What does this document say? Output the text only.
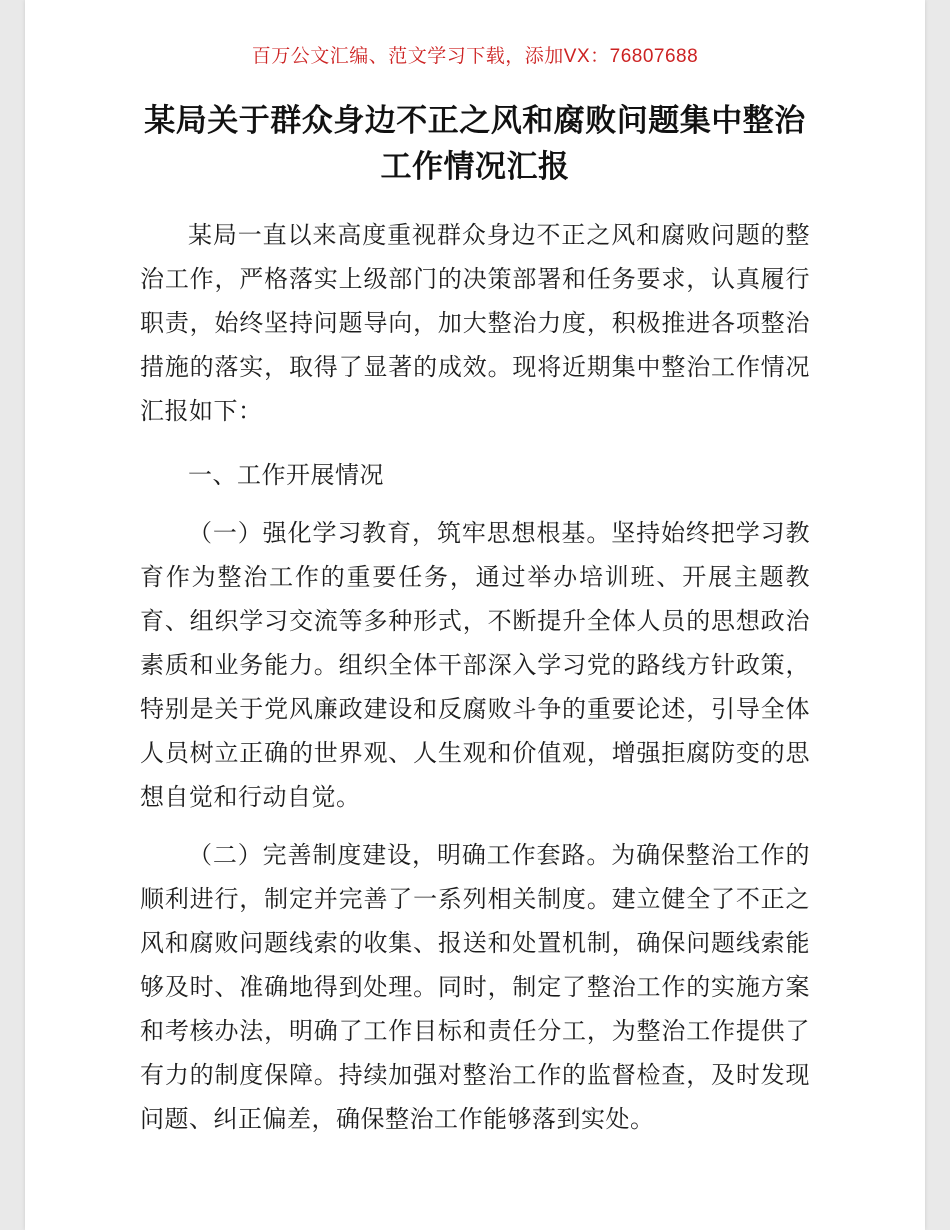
百万公文汇编、范文学习下载，添加VX：76807688
某局关于群众身边不正之风和腐败问题集中整治工作情况汇报

某局一直以来高度重视群众身边不正之风和腐败问题的整治工作，严格落实上级部门的决策部署和任务要求，认真履行职责，始终坚持问题导向，加大整治力度，积极推进各项整治措施的落实，取得了显著的成效。现将近期集中整治工作情况汇报如下：

一、工作开展情况

（一）强化学习教育，筑牢思想根基。坚持始终把学习教育作为整治工作的重要任务，通过举办培训班、开展主题教育、组织学习交流等多种形式，不断提升全体人员的思想政治素质和业务能力。组织全体干部深入学习党的路线方针政策，特别是关于党风廉政建设和反腐败斗争的重要论述，引导全体人员树立正确的世界观、人生观和价值观，增强拒腐防变的思想自觉和行动自觉。

（二）完善制度建设，明确工作套路。为确保整治工作的顺利进行，制定并完善了一系列相关制度。建立健全了不正之风和腐败问题线索的收集、报送和处置机制，确保问题线索能够及时、准确地得到处理。同时，制定了整治工作的实施方案和考核办法，明确了工作目标和责任分工，为整治工作提供了有力的制度保障。持续加强对整治工作的监督检查，及时发现问题、纠正偏差，确保整治工作能够落到实处。
